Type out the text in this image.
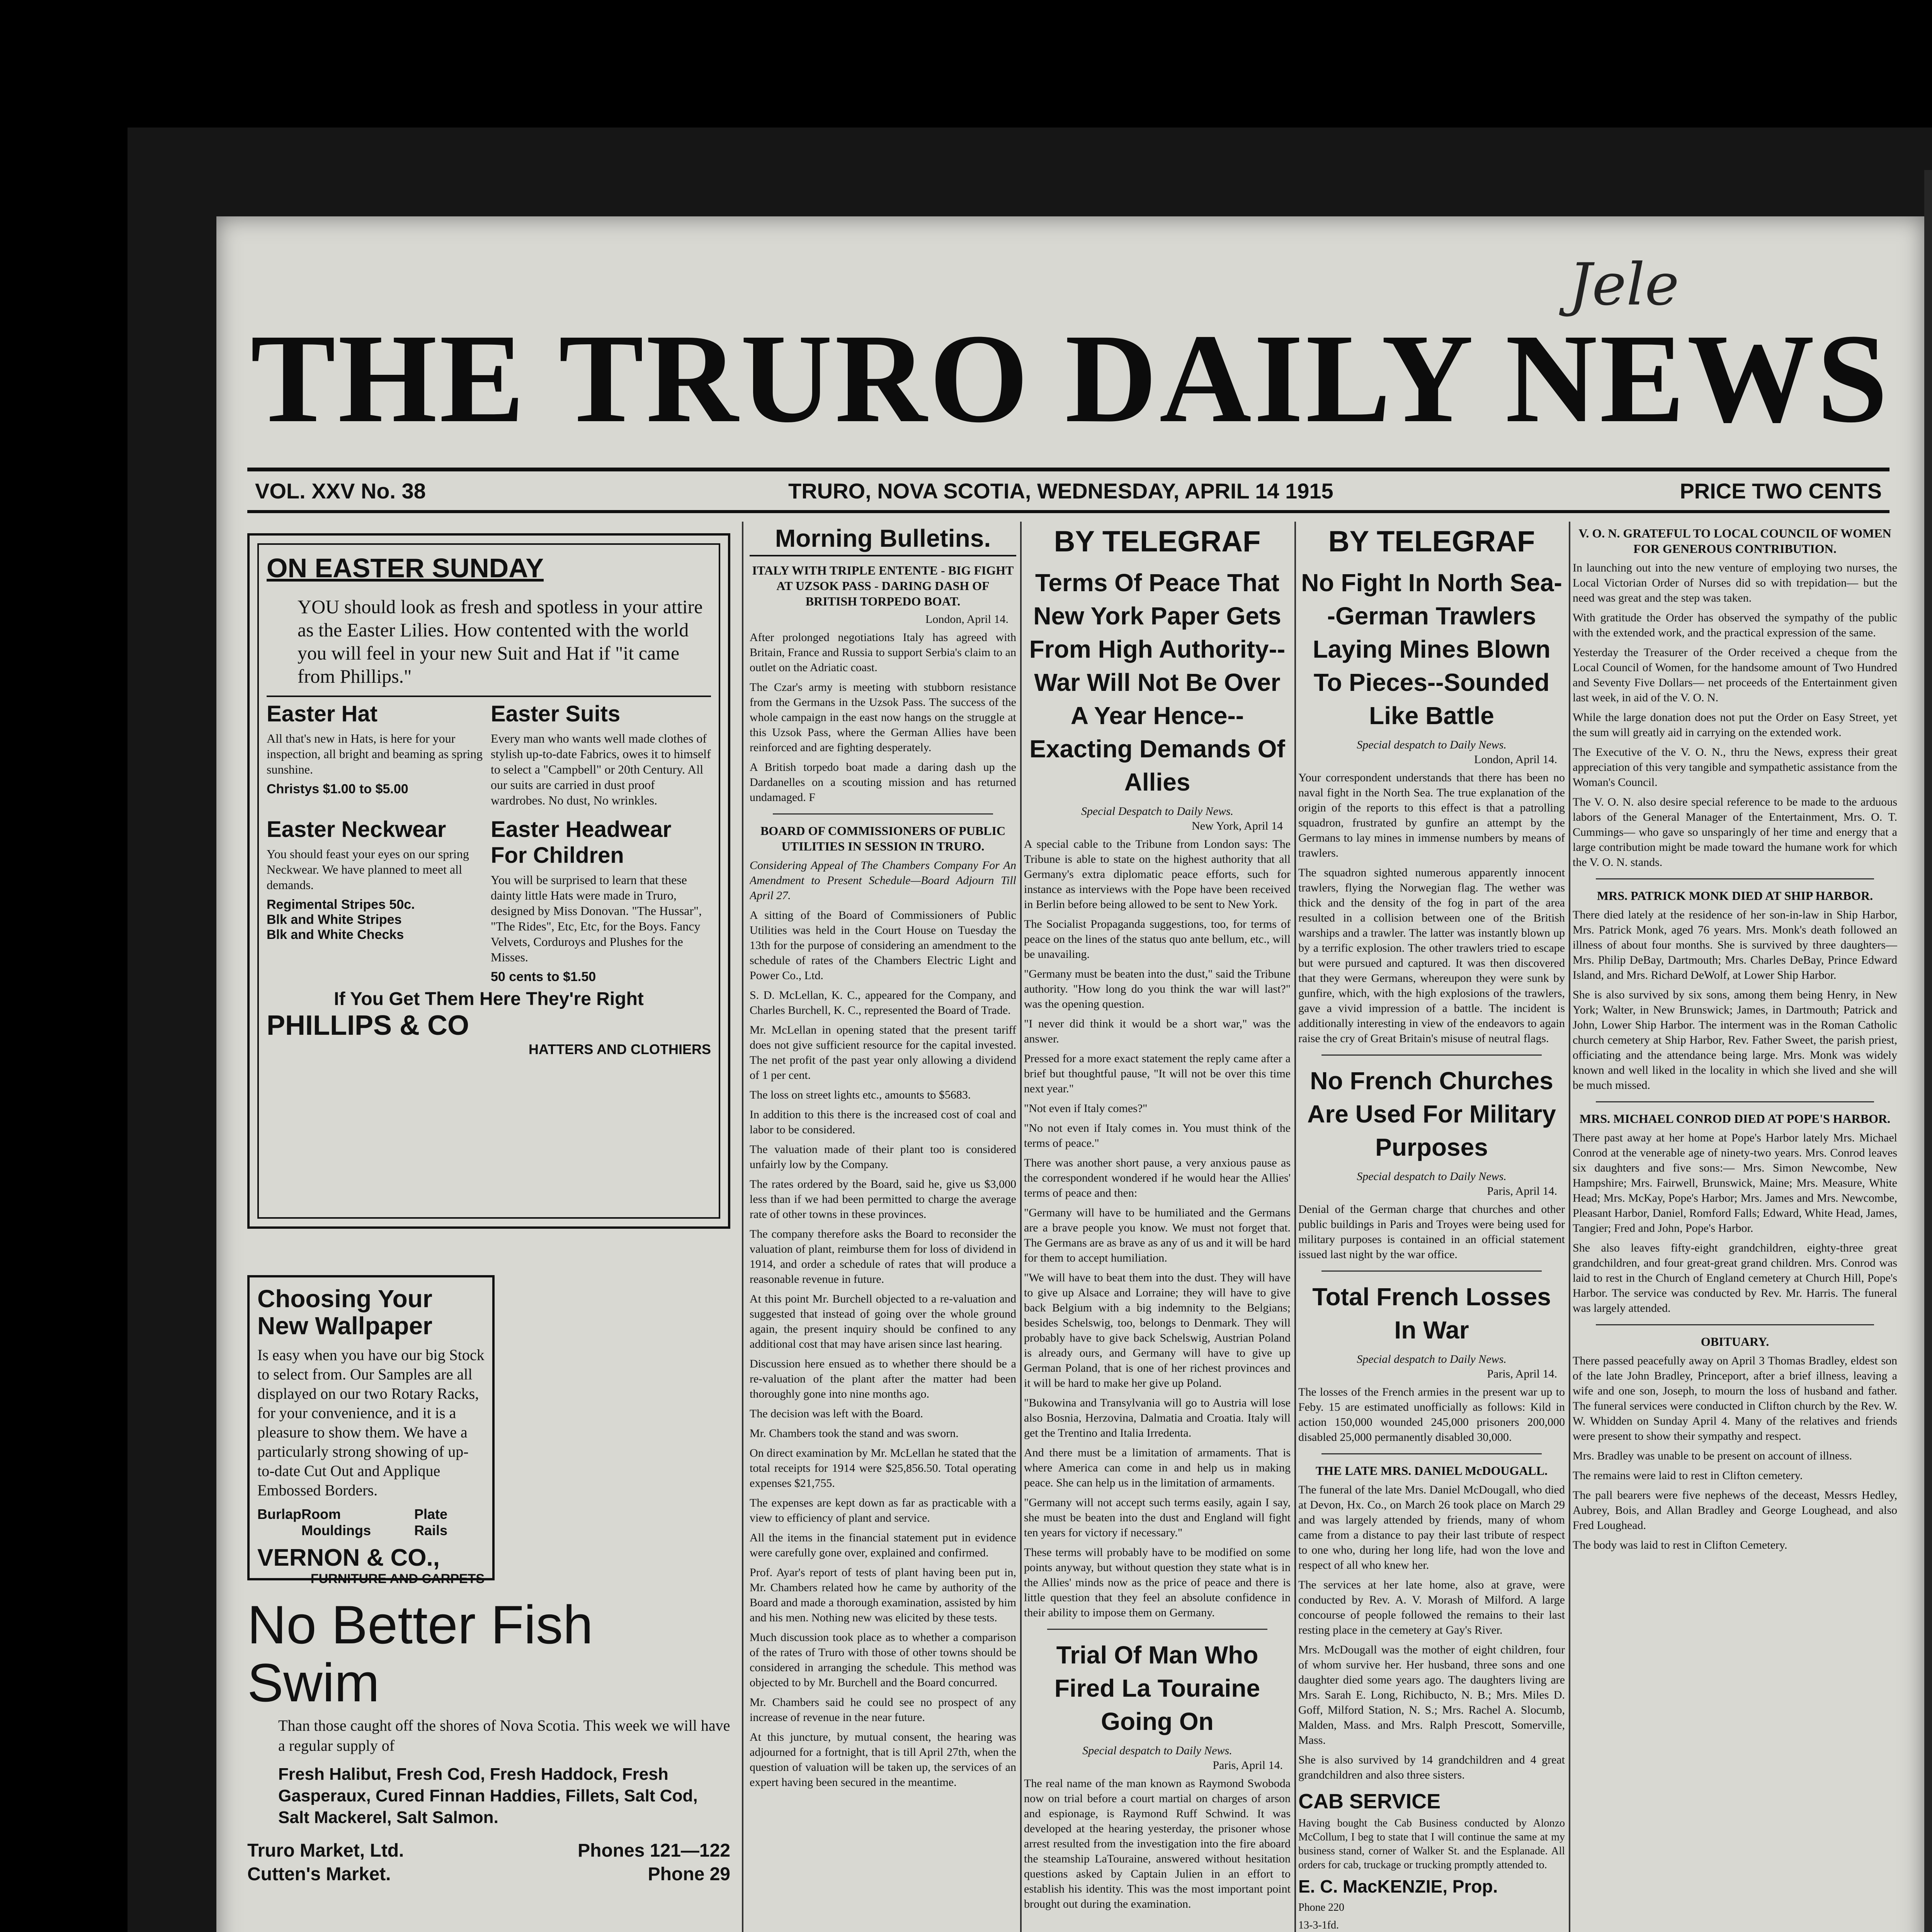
Jele
THE TRURO DAILY NEWS
VOL. XXV No. 38	TRURO, NOVA SCOTIA, WEDNESDAY, APRIL 14 1915	PRICE TWO CENTS
ON EASTER SUNDAY
YOU should look as fresh and spotless in your attire as the Easter Lilies. How contented with the world you will feel in your new Suit and Hat if "it came from Phillips."
Easter Hat

All that's new in Hats, is here for your inspection, all bright and beaming as spring sunshine.

Christys $1.00 to $5.00
Easter Suits

Every man who wants well made clothes of stylish up-to-date Fabrics, owes it to himself to select a "Campbell" or 20th Century. All our suits are carried in dust proof wardrobes. No dust, No wrinkles.

Easter Neckwear

You should feast your eyes on our spring Neckwear. We have planned to meet all demands.

Regimental Stripes 50c.
Blk and White Stripes
Blk and White Checks
Easter Headwear For Children

You will be surprised to learn that these dainty little Hats were made in Truro, designed by Miss Donovan. "The Hussar", "The Rides", Etc, Etc, for the Boys. Fancy Velvets, Corduroys and Plushes for the Misses.

50 cents to $1.50
If You Get Them Here They're Right
PHILLIPS & CO
HATTERS AND CLOTHIERS
Choosing Your New Wallpaper
Is easy when you have our big Stock to select from. Our Samples are all displayed on our two Rotary Racks, for your convenience, and it is a pleasure to show them. We have a particularly strong showing of up-to-date Cut Out and Applique Embossed Borders.
Burlap Room Mouldings
Plate Rails
VERNON & CO.,
FURNITURE AND CARPETS
No Better Fish Swim
Than those caught off the shores of Nova Scotia. This week we will have a regular supply of
Fresh Halibut, Fresh Cod, Fresh Haddock, Fresh Gasperaux, Cured Finnan Haddies, Fillets, Salt Cod, Salt Mackerel, Salt Salmon.
Truro Market, Ltd.	Phones 121—122
Cutten's Market.	Phone 29

Morning Bulletins.
ITALY WITH TRIPLE ENTENTE - BIG FIGHT AT UZSOK PASS - DARING DASH OF BRITISH TORPEDO BOAT.
London, April 14.

After prolonged negotiations Italy has agreed with Britain, France and Russia to support Serbia's claim to an outlet on the Adriatic coast.

The Czar's army is meeting with stubborn resistance from the Germans in the Uzsok Pass. The success of the whole campaign in the east now hangs on the struggle at this Uzsok Pass, where the German Allies have been reinforced and are fighting desperately.

A British torpedo boat made a daring dash up the Dardanelles on a scouting mission and has returned undamaged. F

BOARD OF COMMISSIONERS OF PUBLIC UTILITIES IN SESSION IN TRURO.

Considering Appeal of The Chambers Company For An Amendment to Present Schedule—Board Adjourn Till April 27.

A sitting of the Board of Commissioners of Public Utilities was held in the Court House on Tuesday the 13th for the purpose of considering an amendment to the schedule of rates of the Chambers Electric Light and Power Co., Ltd.

S. D. McLellan, K. C., appeared for the Company, and Charles Burchell, K. C., represented the Board of Trade.

Mr. McLellan in opening stated that the present tariff does not give sufficient resource for the capital invested. The net profit of the past year only allowing a dividend of 1 per cent.

The loss on street lights etc., amounts to $5683.

In addition to this there is the increased cost of coal and labor to be considered.

The valuation made of their plant too is considered unfairly low by the Company.

The rates ordered by the Board, said he, give us $3,000 less than if we had been permitted to charge the average rate of other towns in these provinces.

The company therefore asks the Board to reconsider the valuation of plant, reimburse them for loss of dividend in 1914, and order a schedule of rates that will produce a reasonable revenue in future.

At this point Mr. Burchell objected to a re-valuation and suggested that instead of going over the whole ground again, the present inquiry should be confined to any additional cost that may have arisen since last hearing.

Discussion here ensued as to whether there should be a re-valuation of the plant after the matter had been thoroughly gone into nine months ago.

The decision was left with the Board.

Mr. Chambers took the stand and was sworn.

On direct examination by Mr. McLellan he stated that the total receipts for 1914 were $25,856.50. Total operating expenses $21,755.

The expenses are kept down as far as practicable with a view to efficiency of plant and service.

All the items in the financial statement put in evidence were carefully gone over, explained and confirmed.

Prof. Ayar's report of tests of plant having been put in, Mr. Chambers related how he came by authority of the Board and made a thorough examination, assisted by him and his men. Nothing new was elicited by these tests.

Much discussion took place as to whether a comparison of the rates of Truro with those of other towns should be considered in arranging the schedule. This method was objected to by Mr. Burchell and the Board concurred.

Mr. Chambers said he could see no prospect of any increase of revenue in the near future.

At this juncture, by mutual consent, the hearing was adjourned for a fortnight, that is till April 27th, when the question of valuation will be taken up, the services of an expert having been secured in the meantime.

BY TELEGRAF
Terms Of Peace That New York Paper Gets From High Authority--War Will Not Be Over A Year Hence--Exacting Demands Of Allies
Special Despatch to Daily News.
New York, April 14

A special cable to the Tribune from London says: The Tribune is able to state on the highest authority that all Germany's extra diplomatic peace efforts, such for instance as interviews with the Pope have been received in Berlin before being allowed to be sent to New York.

The Socialist Propaganda suggestions, too, for terms of peace on the lines of the status quo ante bellum, etc., will be unavailing.

"Germany must be beaten into the dust," said the Tribune authority. "How long do you think the war will last?" was the opening question.

"I never did think it would be a short war," was the answer.

Pressed for a more exact statement the reply came after a brief but thoughtful pause, "It will not be over this time next year."

"Not even if Italy comes?"

"No not even if Italy comes in. You must think of the terms of peace."

There was another short pause, a very anxious pause as the correspondent wondered if he would hear the Allies' terms of peace and then:

"Germany will have to be humiliated and the Germans are a brave people you know. We must not forget that. The Germans are as brave as any of us and it will be hard for them to accept humiliation.

"We will have to beat them into the dust. They will have to give up Alsace and Lorraine; they will have to give back Belgium with a big indemnity to the Belgians; besides Schelswig, too, belongs to Denmark. They will probably have to give back Schelswig, Austrian Poland is already ours, and Germany will have to give up German Poland, that is one of her richest provinces and it will be hard to make her give up Poland.

"Bukowina and Transylvania will go to Austria will lose also Bosnia, Herzovina, Dalmatia and Croatia. Italy will get the Trentino and Italia Irredenta.

And there must be a limitation of armaments. That is where America can come in and help us in making peace. She can help us in the limitation of armaments.

"Germany will not accept such terms easily, again I say, she must be beaten into the dust and England will fight ten years for victory if necessary."

These terms will probably have to be modified on some points anyway, but without question they state what is in the Allies' minds now as the price of peace and there is little question that they feel an absolute confidence in their ability to impose them on Germany.

Trial Of Man Who Fired La Touraine Going On
Special despatch to Daily News.
Paris, April 14.

The real name of the man known as Raymond Swoboda now on trial before a court martial on charges of arson and espionage, is Raymond Ruff Schwind. It was developed at the hearing yesterday, the prisoner whose arrest resulted from the investigation into the fire aboard the steamship LaTouraine, answered without hesitation questions asked by Captain Julien in an effort to establish his identity. This was the most important point brought out during the examination.

BY TELEGRAF
No Fight In North Sea--German Trawlers Laying Mines Blown To Pieces--Sounded Like Battle
Special despatch to Daily News.
London, April 14.

Your correspondent understands that there has been no naval fight in the North Sea. The true explanation of the origin of the reports to this effect is that a patrolling squadron, frustrated by gunfire an attempt by the Germans to lay mines in immense numbers by means of trawlers.

The squadron sighted numerous apparently innocent trawlers, flying the Norwegian flag. The wether was thick and the density of the fog in part of the area resulted in a collision between one of the British warships and a trawler. The latter was instantly blown up by a terrific explosion. The other trawlers tried to escape but were pursued and captured. It was then discovered that they were Germans, whereupon they were sunk by gunfire, which, with the high explosions of the trawlers, gave a vivid impression of a battle. The incident is additionally interesting in view of the endeavors to again raise the cry of Great Britain's misuse of neutral flags.

No French Churches Are Used For Military Purposes
Special despatch to Daily News.
Paris, April 14.

Denial of the German charge that churches and other public buildings in Paris and Troyes were being used for military purposes is contained in an official statement issued last night by the war office.

Total French Losses In War
Special despatch to Daily News.
Paris, April 14.

The losses of the French armies in the present war up to Feby. 15 are estimated unofficially as follows: Kild in action 150,000 wounded 245,000 prisoners 200,000 disabled 25,000 permanently disabled 30,000.

THE LATE MRS. DANIEL McDOUGALL.

The funeral of the late Mrs. Daniel McDougall, who died at Devon, Hx. Co., on March 26 took place on March 29 and was largely attended by friends, many of whom came from a distance to pay their last tribute of respect to one who, during her long life, had won the love and respect of all who knew her.

The services at her late home, also at grave, were conducted by Rev. A. V. Morash of Milford. A large concourse of people followed the remains to their last resting place in the cemetery at Gay's River.

Mrs. McDougall was the mother of eight children, four of whom survive her. Her husband, three sons and one daughter died some years ago. The daughters living are Mrs. Sarah E. Long, Richibucto, N. B.; Mrs. Miles D. Goff, Milford Station, N. S.; Mrs. Rachel A. Slocumb, Malden, Mass. and Mrs. Ralph Prescott, Somerville, Mass.

She is also survived by 14 grandchildren and 4 great grandchildren and also three sisters.

CAB SERVICE

Having bought the Cab Business conducted by Alonzo McCollum, I beg to state that I will continue the same at my business stand, corner of Walker St. and the Esplanade. All orders for cab, truckage or trucking promptly attended to.

E. C. MacKENZIE, Prop.

Phone 220

13-3-1fd.

V. O. N. GRATEFUL TO LOCAL COUNCIL OF WOMEN FOR GENEROUS CONTRIBUTION.

In launching out into the new venture of employing two nurses, the Local Victorian Order of Nurses did so with trepidation— but the need was great and the step was taken.

With gratitude the Order has observed the sympathy of the public with the extended work, and the practical expression of the same.

Yesterday the Treasurer of the Order received a cheque from the Local Council of Women, for the handsome amount of Two Hundred and Seventy Five Dollars— net proceeds of the Entertainment given last week, in aid of the V. O. N.

While the large donation does not put the Order on Easy Street, yet the sum will greatly aid in carrying on the extended work.

The Executive of the V. O. N., thru the News, express their great appreciation of this very tangible and sympathetic assistance from the Woman's Council.

The V. O. N. also desire special reference to be made to the arduous labors of the General Manager of the Entertainment, Mrs. O. T. Cummings— who gave so unsparingly of her time and energy that a large contribution might be made toward the humane work for which the V. O. N. stands.

MRS. PATRICK MONK DIED AT SHIP HARBOR.

There died lately at the residence of her son-in-law in Ship Harbor, Mrs. Patrick Monk, aged 76 years. Mrs. Monk's death followed an illness of about four months. She is survived by three daughters— Mrs. Philip DeBay, Dartmouth; Mrs. Charles DeBay, Prince Edward Island, and Mrs. Richard DeWolf, at Lower Ship Harbor.

She is also survived by six sons, among them being Henry, in New York; Walter, in New Brunswick; James, in Dartmouth; Patrick and John, Lower Ship Harbor. The interment was in the Roman Catholic church cemetery at Ship Harbor, Rev. Father Sweet, the parish priest, officiating and the attendance being large. Mrs. Monk was widely known and well liked in the locality in which she lived and she will be much missed.

MRS. MICHAEL CONROD DIED AT POPE'S HARBOR.

There past away at her home at Pope's Harbor lately Mrs. Michael Conrod at the venerable age of ninety-two years. Mrs. Conrod leaves six daughters and five sons:— Mrs. Simon Newcombe, New Hampshire; Mrs. Fairwell, Brunswick, Maine; Mrs. Measure, White Head; Mrs. McKay, Pope's Harbor; Mrs. James and Mrs. Newcombe, Pleasant Harbor, Daniel, Romford Falls; Edward, White Head, James, Tangier; Fred and John, Pope's Harbor.

She also leaves fifty-eight grandchildren, eighty-three great grandchildren, and four great-great grand children. Mrs. Conrod was laid to rest in the Church of England cemetery at Church Hill, Pope's Harbor. The service was conducted by Rev. Mr. Harris. The funeral was largely attended.

OBITUARY.

There passed peacefully away on April 3 Thomas Bradley, eldest son of the late John Bradley, Princeport, after a brief illness, leaving a wife and one son, Joseph, to mourn the loss of husband and father. The funeral services were conducted in Clifton church by the Rev. W. W. Whidden on Sunday April 4. Many of the relatives and friends were present to show their sympathy and respect.

Mrs. Bradley was unable to be present on account of illness.

The remains were laid to rest in Clifton cemetery.

The pall bearers were five nephews of the deceast, Messrs Hedley, Aubrey, Bois, and Allan Bradley and George Loughead, and also Fred Loughead.

The body was laid to rest in Clifton Cemetery.
